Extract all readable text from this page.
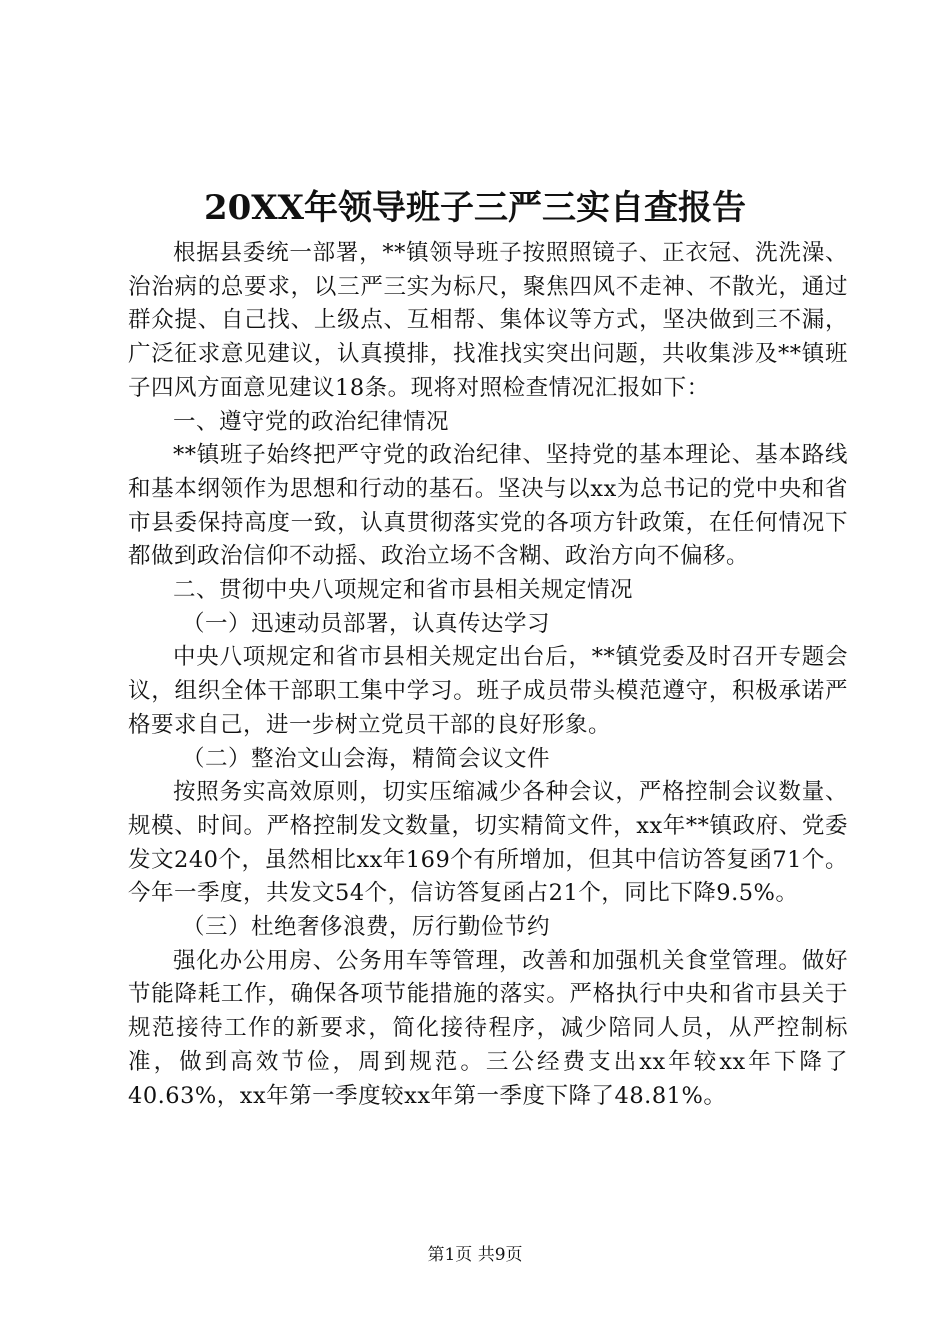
20XX年领导班子三严三实自查报告

根据县委统一部署，**镇领导班子按照照镜子、正衣冠、洗洗澡、治治病的总要求，以三严三实为标尺，聚焦四风不走神、不散光，通过群众提、自己找、上级点、互相帮、集体议等方式，坚决做到三不漏，广泛征求意见建议，认真摸排，找准找实突出问题，共收集涉及**镇班子四风方面意见建议18条。现将对照检查情况汇报如下：

一、遵守党的政治纪律情况

**镇班子始终把严守党的政治纪律、坚持党的基本理论、基本路线和基本纲领作为思想和行动的基石。坚决与以xx为总书记的党中央和省市县委保持高度一致，认真贯彻落实党的各项方针政策，在任何情况下都做到政治信仰不动摇、政治立场不含糊、政治方向不偏移。

二、贯彻中央八项规定和省市县相关规定情况

（一）迅速动员部署，认真传达学习

中央八项规定和省市县相关规定出台后，**镇党委及时召开专题会议，组织全体干部职工集中学习。班子成员带头模范遵守，积极承诺严格要求自己，进一步树立党员干部的良好形象。

（二）整治文山会海，精简会议文件

按照务实高效原则，切实压缩减少各种会议，严格控制会议数量、规模、时间。严格控制发文数量，切实精简文件，xx年**镇政府、党委发文240个，虽然相比xx年169个有所增加，但其中信访答复函71个。今年一季度，共发文54个，信访答复函占21个，同比下降9.5%。

（三）杜绝奢侈浪费，厉行勤俭节约

强化办公用房、公务用车等管理，改善和加强机关食堂管理。做好节能降耗工作，确保各项节能措施的落实。严格执行中央和省市县关于规范接待工作的新要求，简化接待程序，减少陪同人员，从严控制标准，做到高效节俭，周到规范。三公经费支出xx年较xx年下降了40.63%，xx年第一季度较xx年第一季度下降了48.81%。

第1页 共9页
